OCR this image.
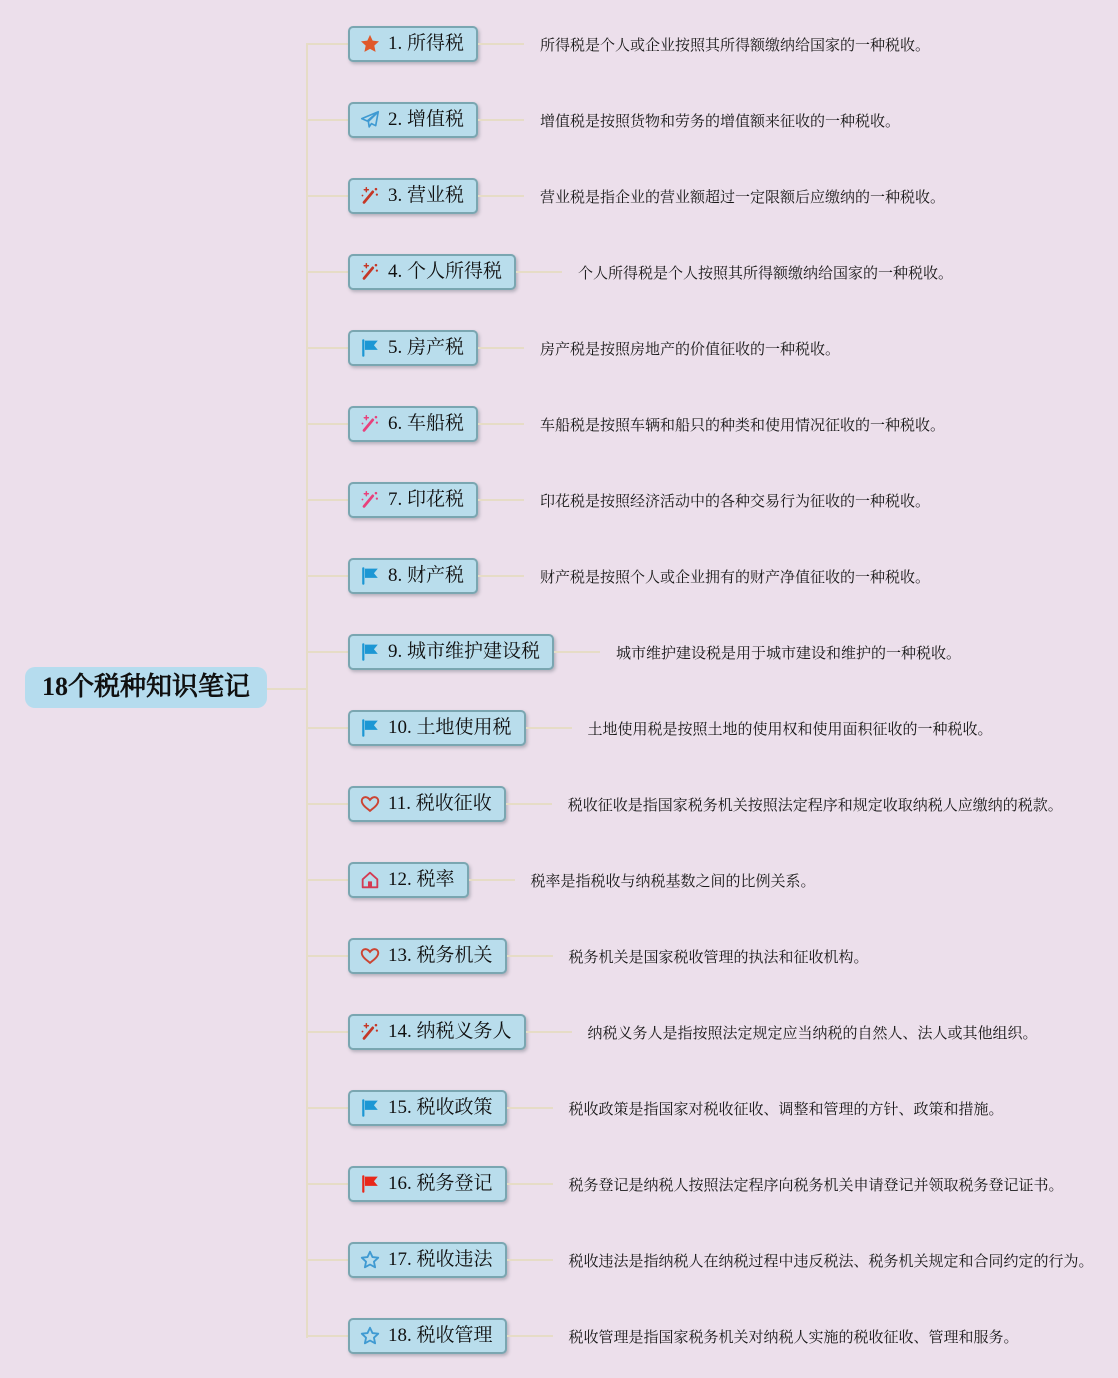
18个税种知识笔记
1. 所得税	所得税是个人或企业按照其所得额缴纳给国家的一种税收。
2. 增值税	增值税是按照货物和劳务的增值额来征收的一种税收。
3. 营业税	营业税是指企业的营业额超过一定限额后应缴纳的一种税收。
4. 个人所得税	个人所得税是个人按照其所得额缴纳给国家的一种税收。
5. 房产税	房产税是按照房地产的价值征收的一种税收。
6. 车船税	车船税是按照车辆和船只的种类和使用情况征收的一种税收。
7. 印花税	印花税是按照经济活动中的各种交易行为征收的一种税收。
8. 财产税	财产税是按照个人或企业拥有的财产净值征收的一种税收。
9. 城市维护建设税	城市维护建设税是用于城市建设和维护的一种税收。
10. 土地使用税	土地使用税是按照土地的使用权和使用面积征收的一种税收。
11. 税收征收	税收征收是指国家税务机关按照法定程序和规定收取纳税人应缴纳的税款。
12. 税率	税率是指税收与纳税基数之间的比例关系。
13. 税务机关	税务机关是国家税收管理的执法和征收机构。
14. 纳税义务人	纳税义务人是指按照法定规定应当纳税的自然人、法人或其他组织。
15. 税收政策	税收政策是指国家对税收征收、调整和管理的方针、政策和措施。
16. 税务登记	税务登记是纳税人按照法定程序向税务机关申请登记并领取税务登记证书。
17. 税收违法	税收违法是指纳税人在纳税过程中违反税法、税务机关规定和合同约定的行为。
18. 税收管理	税收管理是指国家税务机关对纳税人实施的税收征收、管理和服务。
